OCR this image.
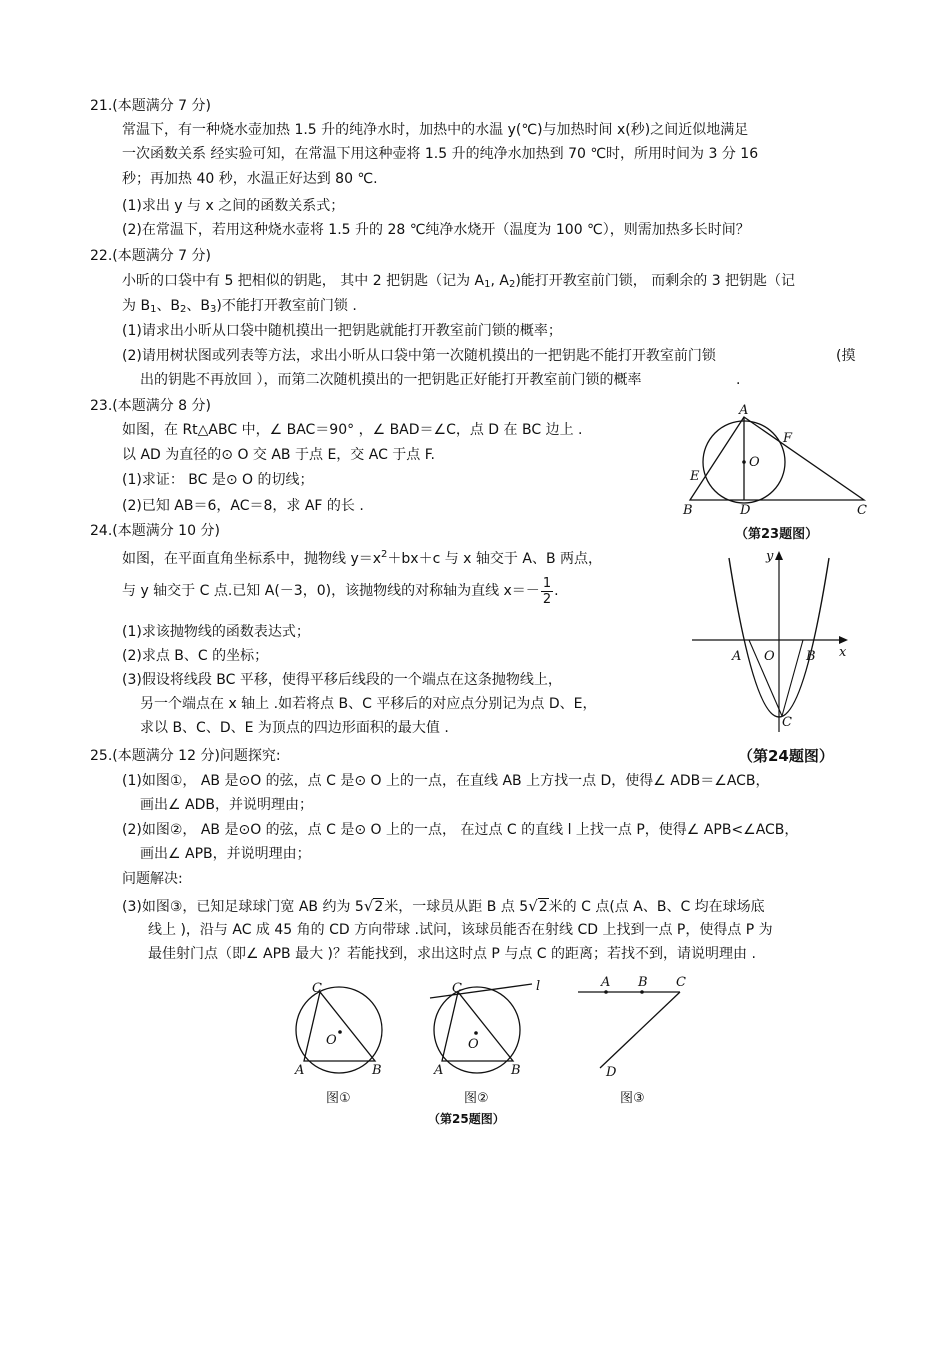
21.(本题满分 7 分)
常温下，有一种烧水壶加热 1.5 升的纯净水时，加热中的水温 y(℃)与加热时间 x(秒)之间近似地满足
一次函数关系 经实验可知，在常温下用这种壶将 1.5 升的纯净水加热到 70 ℃时，所用时间为 3 分 16
秒；再加热 40 秒，水温正好达到 80 ℃.
(1)求出 y 与 x 之间的函数关系式；
(2)在常温下，若用这种烧水壶将 1.5 升的 28 ℃纯净水烧开（温度为 100 ℃），则需加热多长时间？
22.(本题满分 7 分)
小昕的口袋中有 5 把相似的钥匙， 其中 2 把钥匙（记为 $A_1$, $A_2$)能打开教室前门锁， 而剩余的 3 把钥匙（记
为 $B_1$、$B_2$、$B_3$)不能打开教室前门锁 .
(1)请求出小昕从口袋中随机摸出一把钥匙就能打开教室前门锁的概率；
(2)请用树状图或列表等方法，求出小昕从口袋中第一次随机摸出的一把钥匙不能打开教室前门锁	(摸
出的钥匙不再放回 ），而第二次随机摸出的一把钥匙正好能打开教室前门锁的概率	.
23.(本题满分 8 分)
如图，在 Rt△ABC 中，∠ BAC＝90° ，∠ BAD＝∠C，点 D 在 BC 边上 .
以 AD 为直径的⊙ O 交 AB 于点 E，交 AC 于点 F.
(1)求证： BC 是⊙ O 的切线；
(2)已知 AB＝6，AC＝8，求 AF 的长 .
A
B	C
D
E
F
O
（第23题图）
24.(本题满分 10 分)
如图，在平面直角坐标系中，抛物线 $y=x^2+bx+c$ 与 x 轴交于 A、B 两点，
与 y 轴交于 C 点.已知 A(－3，0)，该抛物线的对称轴为直线 $x=- \frac{1}{2}$ .
(1)求该抛物线的函数表达式；
(2)求点 B、C 的坐标；
(3)假设将线段 BC 平移，使得平移后线段的一个端点在这条抛物线上，
另一个端点在 x 轴上 .如若将点 B、C 平移后的对应点分别记为点 D、E，
求以 B、C、D、E 为顶点的四边形面积的最大值 .
A O B
C
x
y
（第24题图）
25.(本题满分 12 分)问题探究:
(1)如图①， AB 是⊙O 的弦，点 C 是⊙ O 上的一点，在直线 AB 上方找一点 D，使得∠ ADB＝∠ACB，
画出∠ ADB，并说明理由；
(2)如图②， AB 是⊙O 的弦，点 C 是⊙ O 上的一点， 在过点 C 的直线 l 上找一点 P，使得∠ APB<∠ACB，
画出∠ APB，并说明理由；
问题解决:
(3)如图③，已知足球球门宽 AB 约为 5√2米，一球员从距 B 点 5√2米的 C 点(点 A、B、C 均在球场底
线上 )，沿与 AC 成 45 角的 CD 方向带球 .试问，该球员能否在射线 CD 上找到一点 P，使得点 P 为
最佳射门点（即∠ APB 最大 )？若能找到，求出这时点 P 与点 C 的距离；若找不到，请说明理由 .
C
A	B
O
图①
C	l
A	B
O
图②
A B C
D
图③
（第25题图）
